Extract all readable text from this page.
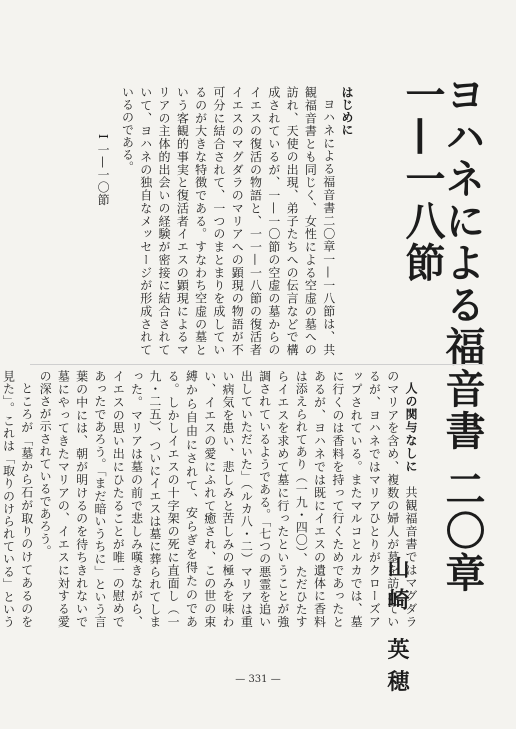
ヨハネによる福音書 二〇章一—一八節
山崎 英穂

はじめに

ヨハネによる福音書二〇章一—一八節は、共観福音書とも同じく、女性による空虚の墓への訪れ、天使の出現、弟子たちへの伝言などで構成されているが、一—一〇節の空虚の墓からのイエスの復活の物語と、一一—一八節の復活者イエスのマグダラのマリアへの顕現の物語が不可分に結合されて、一つのまとまりを成しているのが大きな特徴である。すなわち空虚の墓という客観的事実と復活者イエスの顕現によるマリアの主体的出会いの経験が密接に結合されていて、ヨハネの独自なメッセージが形成されているのである。

I 一—一〇節

人の関与なしに　共観福音書ではマグダラのマリアを含め、複数の婦人が墓を訪れているが、ヨハネではマリアひとりがクローズアップされている。またマルコとルカでは、墓に行くのは香料を持って行くためであったとあるが、ヨハネでは既にイエスの遺体に香料は添えられてあり（一九・四〇）、ただひたすらイエスを求めて墓に行ったということが強調されているようである。「七つの悪霊を追い出していただいた」（ルカ八・二）マリアは重い病気を患い、悲しみと苦しみの極みを味わい、イエスの愛にふれて癒され、この世の束縛から自由にされて、安らぎを得たのである。しかしイエスの十字架の死に直面し（一九・二五）、ついにイエスは墓に葬られてしまった。マリアは墓の前で悲しみ嘆きながら、イエスの思い出にひたることが唯一の慰めであったであろう。「まだ暗いうちに」という言葉の中には、朝が明けるのを待ちきれないで墓にやってきたマリアの、イエスに対する愛の深さが示されているであろう。

ところが「墓から石が取りのけてあるのを見た」。これは「取りのけられている」という

— 331 —
